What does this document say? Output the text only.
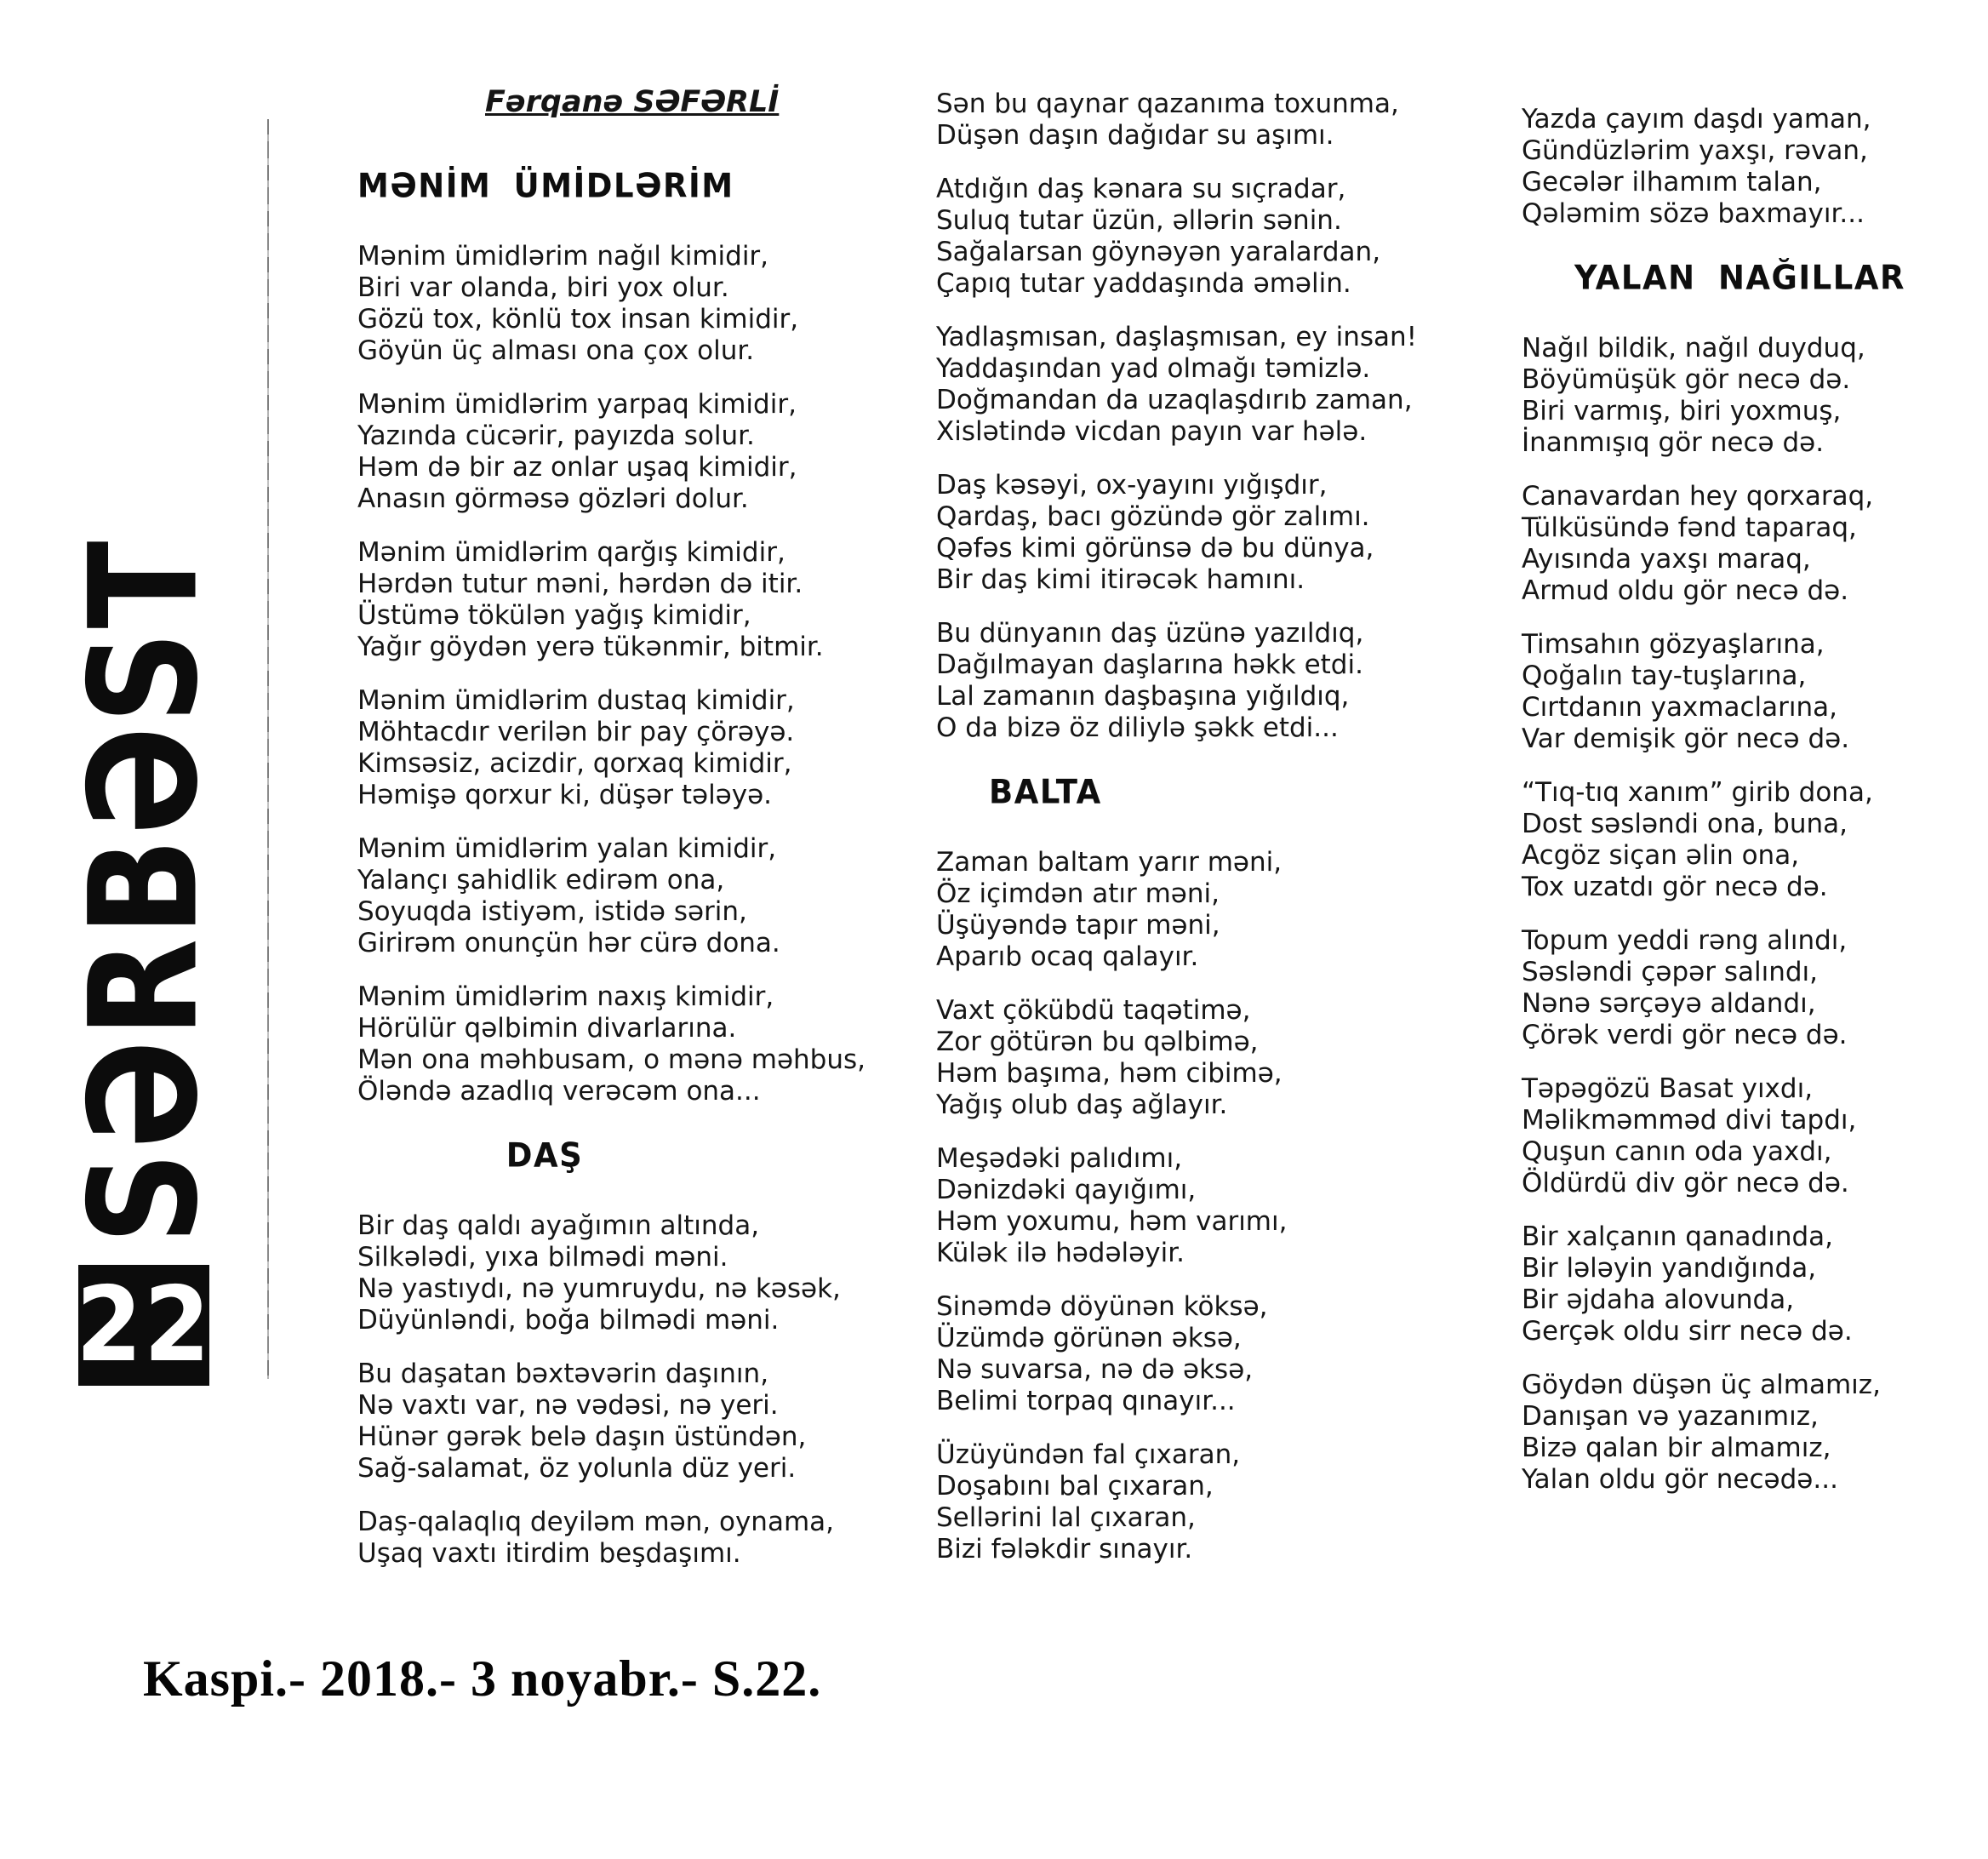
SƏRBƏST
22
Fərqanə SƏFƏRLİ
MƏNİM ÜMİDLƏRİM
Mənim ümidlərim nağıl kimidir,
Biri var olanda, biri yox olur.
Gözü tox, könlü tox insan kimidir,
Göyün üç alması ona çox olur.
Mənim ümidlərim yarpaq kimidir,
Yazında cücərir, payızda solur.
Həm də bir az onlar uşaq kimidir,
Anasın görməsə gözləri dolur.
Mənim ümidlərim qarğış kimidir,
Hərdən tutur məni, hərdən də itir.
Üstümə tökülən yağış kimidir,
Yağır göydən yerə tükənmir, bitmir.
Mənim ümidlərim dustaq kimidir,
Möhtacdır verilən bir pay çörəyə.
Kimsəsiz, acizdir, qorxaq kimidir,
Həmişə qorxur ki, düşər tələyə.
Mənim ümidlərim yalan kimidir,
Yalançı şahidlik edirəm ona,
Soyuqda istiyəm, istidə sərin,
Girirəm onunçün hər cürə dona.
Mənim ümidlərim naxış kimidir,
Hörülür qəlbimin divarlarına.
Mən ona məhbusam, o mənə məhbus,
Öləndə azadlıq verəcəm ona...
DAŞ
Bir daş qaldı ayağımın altında,
Silkələdi, yıxa bilmədi məni.
Nə yastıydı, nə yumruydu, nə kəsək,
Düyünləndi, boğa bilmədi məni.
Bu daşatan bəxtəvərin daşının,
Nə vaxtı var, nə vədəsi, nə yeri.
Hünər gərək belə daşın üstündən,
Sağ-salamat, öz yolunla düz yeri.
Daş-qalaqlıq deyiləm mən, oynama,
Uşaq vaxtı itirdim beşdaşımı.
Sən bu qaynar qazanıma toxunma,
Düşən daşın dağıdar su aşımı.
Atdığın daş kənara su sıçradar,
Suluq tutar üzün, əllərin sənin.
Sağalarsan göynəyən yaralardan,
Çapıq tutar yaddaşında əməlin.
Yadlaşmısan, daşlaşmısan, ey insan!
Yaddaşından yad olmağı təmizlə.
Doğmandan da uzaqlaşdırıb zaman,
Xislətində vicdan payın var hələ.
Daş kəsəyi, ox-yayını yığışdır,
Qardaş, bacı gözündə gör zalımı.
Qəfəs kimi görünsə də bu dünya,
Bir daş kimi itirəcək hamını.
Bu dünyanın daş üzünə yazıldıq,
Dağılmayan daşlarına həkk etdi.
Lal zamanın daşbaşına yığıldıq,
O da bizə öz diliylə şəkk etdi...
BALTA
Zaman baltam yarır məni,
Öz içimdən atır məni,
Üşüyəndə tapır məni,
Aparıb ocaq qalayır.
Vaxt çökübdü taqətimə,
Zor götürən bu qəlbimə,
Həm başıma, həm cibimə,
Yağış olub daş ağlayır.
Meşədəki palıdımı,
Dənizdəki qayığımı,
Həm yoxumu, həm varımı,
Külək ilə hədələyir.
Sinəmdə döyünən köksə,
Üzümdə görünən əksə,
Nə suvarsa, nə də əksə,
Belimi torpaq qınayır...
Üzüyündən fal çıxaran,
Doşabını bal çıxaran,
Sellərini lal çıxaran,
Bizi fələkdir sınayır.
Yazda çayım daşdı yaman,
Gündüzlərim yaxşı, rəvan,
Gecələr ilhamım talan,
Qələmim sözə baxmayır...
YALAN NAĞILLAR
Nağıl bildik, nağıl duyduq,
Böyümüşük gör necə də.
Biri varmış, biri yoxmuş,
İnanmışıq gör necə də.
Canavardan hey qorxaraq,
Tülküsündə fənd taparaq,
Ayısında yaxşı maraq,
Armud oldu gör necə də.
Timsahın gözyaşlarına,
Qoğalın tay-tuşlarına,
Cırtdanın yaxmaclarına,
Var demişik gör necə də.
“Tıq-tıq xanım” girib dona,
Dost səsləndi ona, buna,
Acgöz siçan əlin ona,
Tox uzatdı gör necə də.
Topum yeddi rəng alındı,
Səsləndi çəpər salındı,
Nənə sərçəyə aldandı,
Çörək verdi gör necə də.
Təpəgözü Basat yıxdı,
Məlikməmməd divi tapdı,
Quşun canın oda yaxdı,
Öldürdü div gör necə də.
Bir xalçanın qanadında,
Bir lələyin yandığında,
Bir əjdaha alovunda,
Gerçək oldu sirr necə də.
Göydən düşən üç almamız,
Danışan və yazanımız,
Bizə qalan bir almamız,
Yalan oldu gör necədə...
Kaspi.- 2018.- 3 noyabr.- S.22.
